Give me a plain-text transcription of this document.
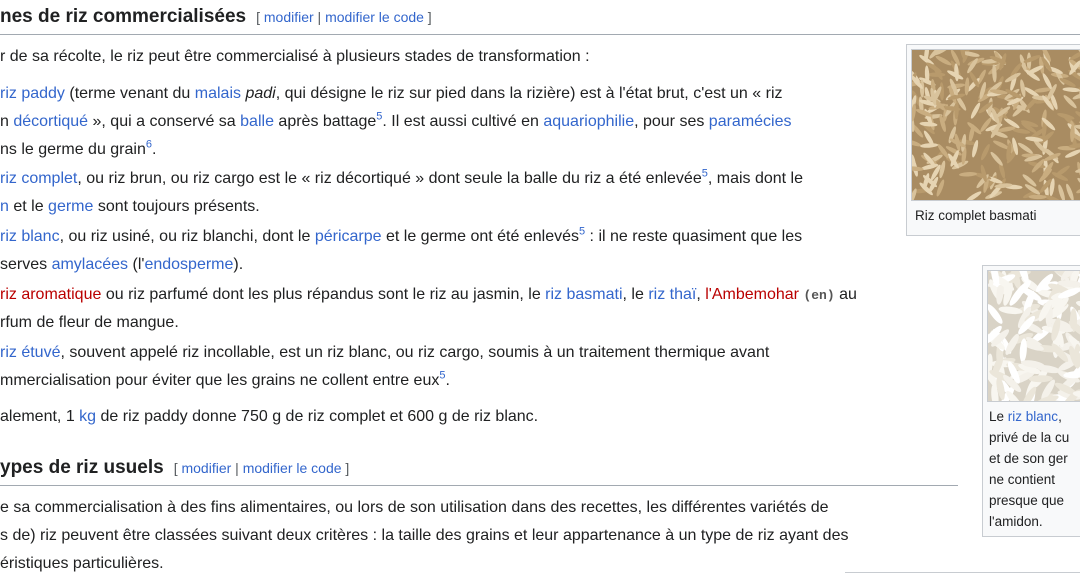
nes de riz commercialisées [ modifier | modifier le code ]
r de sa récolte, le riz peut être commercialisé à plusieurs stades de transformation :
riz paddy (terme venant du malais padi, qui désigne le riz sur pied dans la rizière) est à l'état brut, c'est un « riz
n décortiqué », qui a conservé sa balle après battage$^5$. Il est aussi cultivé en aquariophilie, pour ses paramécies
ns le germe du grain$^6$.
riz complet, ou riz brun, ou riz cargo est le « riz décortiqué » dont seule la balle du riz a été enlevée$^5$, mais dont le
n et le germe sont toujours présents.
riz blanc, ou riz usiné, ou riz blanchi, dont le péricarpe et le germe ont été enlevés$^5$ : il ne reste quasiment que les
serves amylacées (l'endosperme).
riz aromatique ou riz parfumé dont les plus répandus sont le riz au jasmin, le riz basmati, le riz thaï, l'Ambemohar (en) au
rfum de fleur de mangue.
riz étuvé, souvent appelé riz incollable, est un riz blanc, ou riz cargo, soumis à un traitement thermique avant
mmercialisation pour éviter que les grains ne collent entre eux$^5$.
alement, 1 kg de riz paddy donne 750 g de riz complet et 600 g de riz blanc.
ypes de riz usuels [ modifier | modifier le code ]
e sa commercialisation à des fins alimentaires, ou lors de son utilisation dans des recettes, les différentes variétés de
s de) riz peuvent être classées suivant deux critères : la taille des grains et leur appartenance à un type de riz ayant des
éristiques particulières.
Riz complet basmati
Le riz blanc,
privé de la cu
et de son ger
ne contient
presque que
l'amidon.
